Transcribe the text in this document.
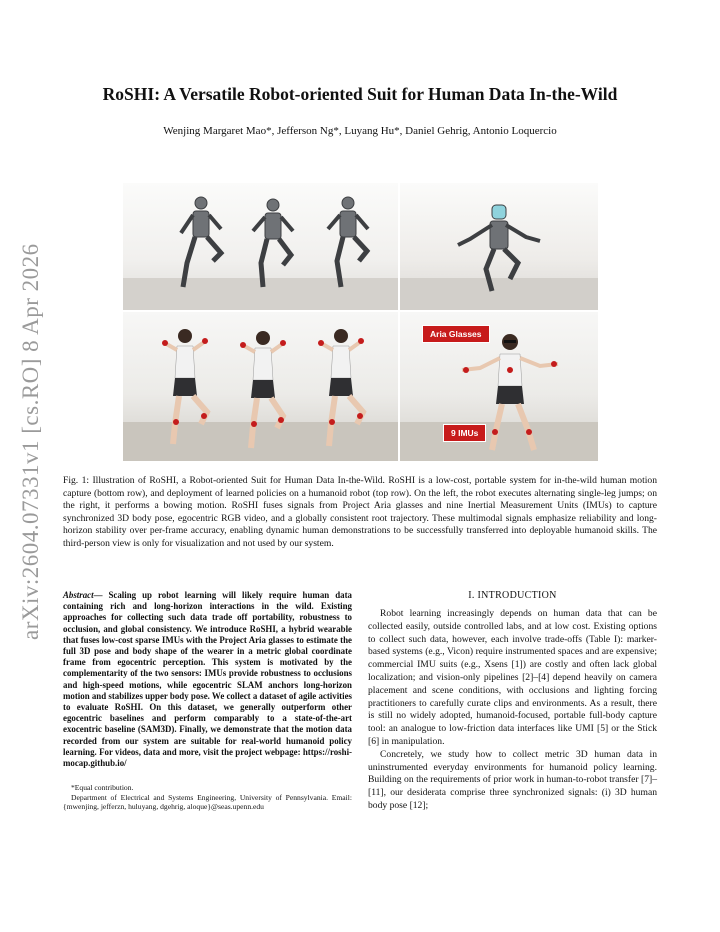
arXiv:2604.07331v1 [cs.RO] 8 Apr 2026
RoSHI: A Versatile Robot-oriented Suit for Human Data In-the-Wild
Wenjing Margaret Mao*, Jefferson Ng*, Luyang Hu*, Daniel Gehrig, Antonio Loquercio
Aria Glasses
9 IMUs
Fig. 1: Illustration of RoSHI, a Robot-oriented Suit for Human Data In-the-Wild. RoSHI is a low-cost, portable system for in-the-wild human motion capture (bottom row), and deployment of learned policies on a humanoid robot (top row). On the left, the robot executes alternating single-leg jumps; on the right, it performs a bowing motion. RoSHI fuses signals from Project Aria glasses and nine Inertial Measurement Units (IMUs) to capture synchronized 3D body pose, egocentric RGB video, and a globally consistent root trajectory. These multimodal signals emphasize reliability and long-horizon stability over per-frame accuracy, enabling dynamic human demonstrations to be successfully transferred into deployable humanoid skills. The third-person view is only for visualization and not used by our system.
Abstract— Scaling up robot learning will likely require human data containing rich and long-horizon interactions in the wild. Existing approaches for collecting such data trade off portability, robustness to occlusion, and global consistency. We introduce RoSHI, a hybrid wearable that fuses low-cost sparse IMUs with the Project Aria glasses to estimate the full 3D pose and body shape of the wearer in a metric global coordinate frame from egocentric perception. This system is motivated by the complementarity of the two sensors: IMUs provide robustness to occlusions and high-speed motions, while egocentric SLAM anchors long-horizon motion and stabilizes upper body pose. We collect a dataset of agile activities to evaluate RoSHI. On this dataset, we generally outperform other egocentric baselines and perform comparably to a state-of-the-art exocentric baseline (SAM3D). Finally, we demonstrate that the motion data recorded from our system are suitable for real-world humanoid policy learning. For videos, data and more, visit the project webpage: https://roshi-mocap.github.io/
*Equal contribution.
Department of Electrical and Systems Engineering, University of Pennsylvania. Email: {mwenjing, jefferzn, huluyang, dgehrig, aloque}@seas.upenn.edu
I. INTRODUCTION

Robot learning increasingly depends on human data that can be collected easily, outside controlled labs, and at low cost. Existing options to collect such data, however, each involve trade-offs (Table I): marker-based systems (e.g., Vicon) require instrumented spaces and are expensive; commercial IMU suits (e.g., Xsens [1]) are costly and often lack global localization; and vision-only pipelines [2]–[4] depend heavily on camera placement and scene conditions, with occlusions and lighting forcing practitioners to carefully curate clips and environments. As a result, there is still no widely adopted, humanoid-focused, portable full-body capture tool: an analogue to low-friction data interfaces like UMI [5] or the Stick [6] in manipulation.

Concretely, we study how to collect metric 3D human data in uninstrumented everyday environments for humanoid policy learning. Building on the requirements of prior work in human-to-robot transfer [7]–[11], our desiderata comprise three synchronized signals: (i) 3D human body pose [12];
